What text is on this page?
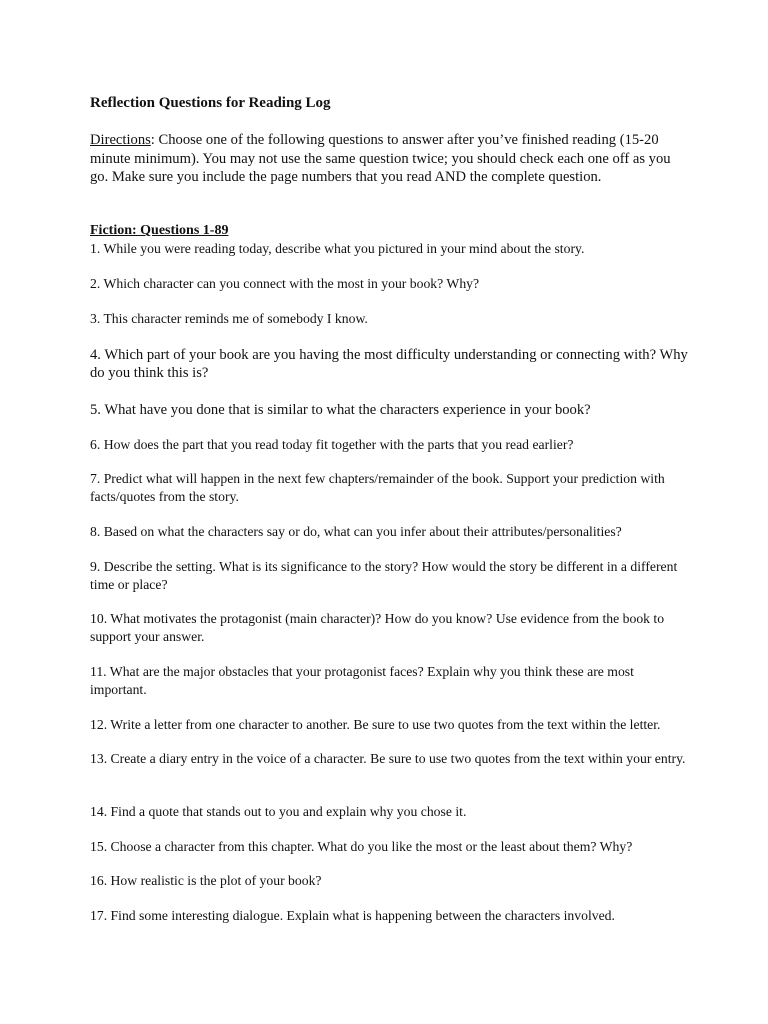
Reflection Questions for Reading Log

Directions: Choose one of the following questions to answer after you’ve finished reading (15-20 minute minimum). You may not use the same question twice; you should check each one off as you go. Make sure you include the page numbers that you read AND the complete question.

Fiction: Questions 1-89

1. While you were reading today, describe what you pictured in your mind about the story.

2. Which character can you connect with the most in your book? Why?

3. This character reminds me of somebody I know.

4. Which part of your book are you having the most difficulty understanding or connecting with? Why do you think this is?

5. What have you done that is similar to what the characters experience in your book?

6. How does the part that you read today fit together with the parts that you read earlier?

7. Predict what will happen in the next few chapters/remainder of the book. Support your prediction with facts/quotes from the story.

8. Based on what the characters say or do, what can you infer about their attributes/personalities?

9. Describe the setting. What is its significance to the story? How would the story be different in a different time or place?

10. What motivates the protagonist (main character)? How do you know? Use evidence from the book to support your answer.

11. What are the major obstacles that your protagonist faces? Explain why you think these are most important.

12. Write a letter from one character to another. Be sure to use two quotes from the text within the letter.

13. Create a diary entry in the voice of a character. Be sure to use two quotes from the text within your entry.

14. Find a quote that stands out to you and explain why you chose it.

15. Choose a character from this chapter. What do you like the most or the least about them? Why?

16. How realistic is the plot of your book?

17. Find some interesting dialogue. Explain what is happening between the characters involved.
